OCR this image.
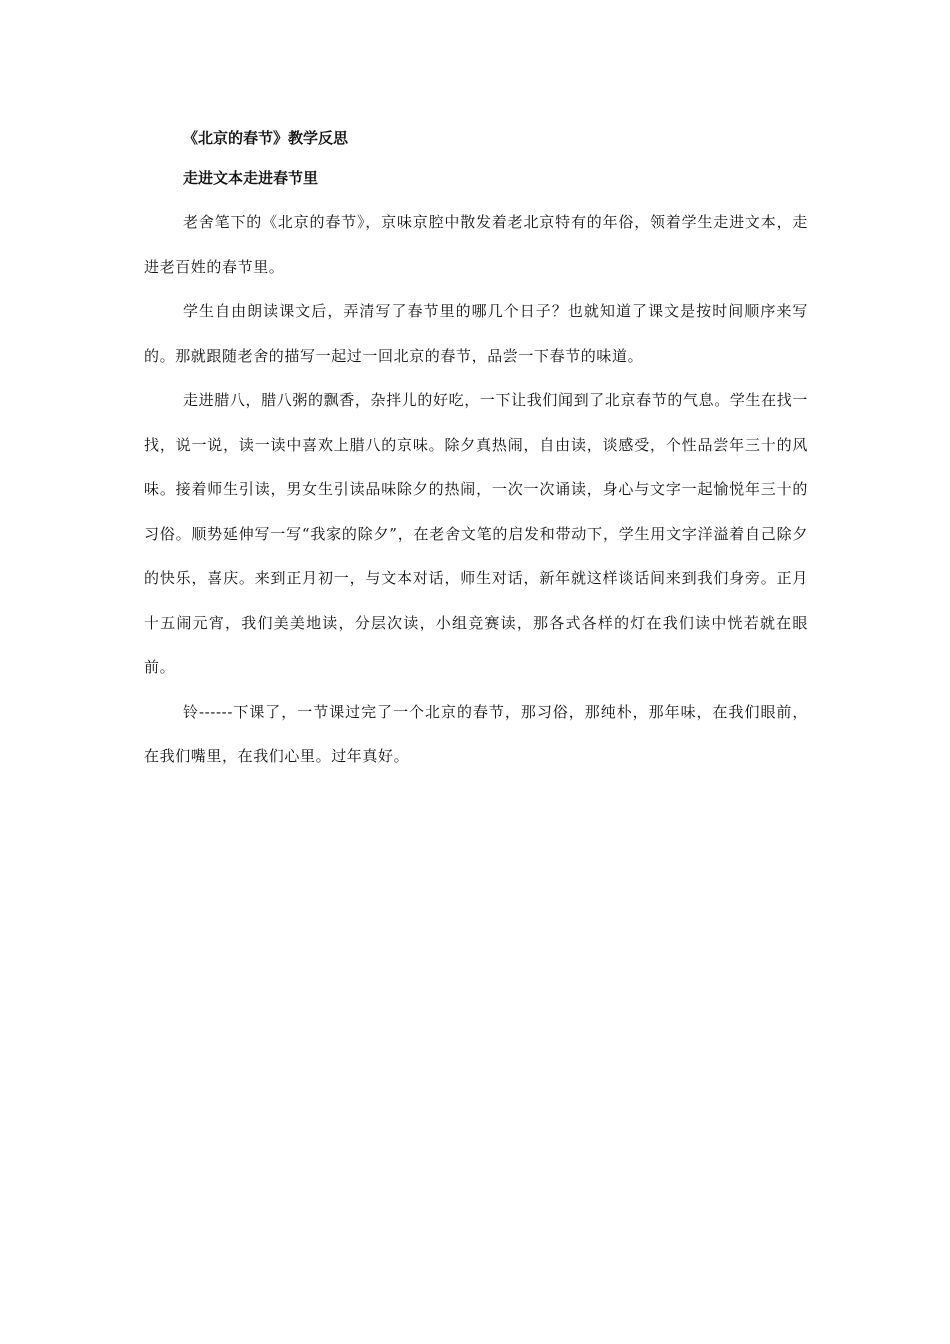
《北京的春节》教学反思
走进文本走进春节里

老舍笔下的《北京的春节》，京味京腔中散发着老北京特有的年俗，领着学生走进文本，走进老百姓的春节里。

学生自由朗读课文后，弄清写了春节里的哪几个日子？也就知道了课文是按时间顺序来写的。那就跟随老舍的描写一起过一回北京的春节，品尝一下春节的味道。

走进腊八，腊八粥的飘香，杂拌儿的好吃，一下让我们闻到了北京春节的气息。学生在找一找，说一说，读一读中喜欢上腊八的京味。除夕真热闹，自由读，谈感受，个性品尝年三十的风味。接着师生引读，男女生引读品味除夕的热闹，一次一次诵读，身心与文字一起愉悦年三十的习俗。顺势延伸写一写“我家的除夕”，在老舍文笔的启发和带动下，学生用文字洋溢着自己除夕的快乐，喜庆。来到正月初一，与文本对话，师生对话，新年就这样谈话间来到我们身旁。正月十五闹元宵，我们美美地读，分层次读，小组竞赛读，那各式各样的灯在我们读中恍若就在眼前。

铃------下课了，一节课过完了一个北京的春节，那习俗，那纯朴，那年味，在我们眼前，在我们嘴里，在我们心里。过年真好。
